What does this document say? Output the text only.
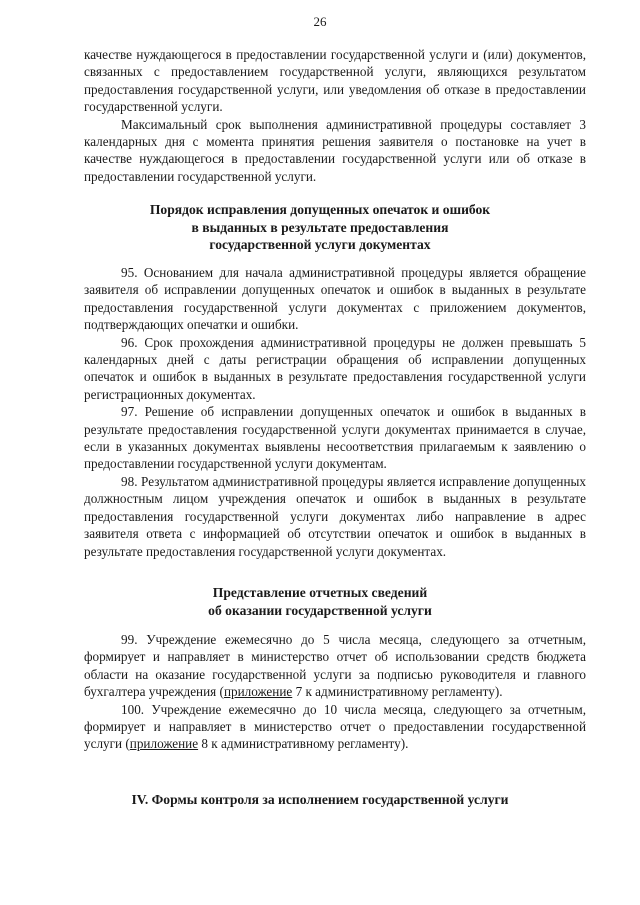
26

качестве нуждающегося в предоставлении государственной услуги и (или) документов, связанных с предоставлением государственной услуги, являющихся результатом предоставления государственной услуги, или уведомления об отказе в предоставлении государственной услуги.

Максимальный срок выполнения административной процедуры составляет 3 календарных дня с момента принятия решения заявителя о постановке на учет в качестве нуждающегося в предоставлении государственной услуги или об отказе в предоставлении государственной услуги.

Порядок исправления допущенных опечаток и ошибок
в выданных в результате предоставления
государственной услуги документах

95. Основанием для начала административной процедуры является обращение заявителя об исправлении допущенных опечаток и ошибок в выданных в результате предоставления государственной услуги документах с приложением документов, подтверждающих опечатки и ошибки.

96. Срок прохождения административной процедуры не должен превышать 5 календарных дней с даты регистрации обращения об исправлении допущенных опечаток и ошибок в выданных в результате предоставления государственной услуги регистрационных документах.

97. Решение об исправлении допущенных опечаток и ошибок в выданных в результате предоставления государственной услуги документах принимается в случае, если в указанных документах выявлены несоответствия прилагаемым к заявлению о предоставлении государственной услуги документам.

98. Результатом административной процедуры является исправление допущенных должностным лицом учреждения опечаток и ошибок в выданных в результате предоставления государственной услуги документах либо направление в адрес заявителя ответа с информацией об отсутствии опечаток и ошибок в выданных в результате предоставления государственной услуги документах.

Представление отчетных сведений
об оказании государственной услуги

99. Учреждение ежемесячно до 5 числа месяца, следующего за отчетным, формирует и направляет в министерство отчет об использовании средств бюджета области на оказание государственной услуги за подписью руководителя и главного бухгалтера учреждения (приложение 7 к административному регламенту).

100. Учреждение ежемесячно до 10 числа месяца, следующего за отчетным, формирует и направляет в министерство отчет о предоставлении государственной услуги (приложение 8 к административному регламенту).

IV. Формы контроля за исполнением государственной услуги
